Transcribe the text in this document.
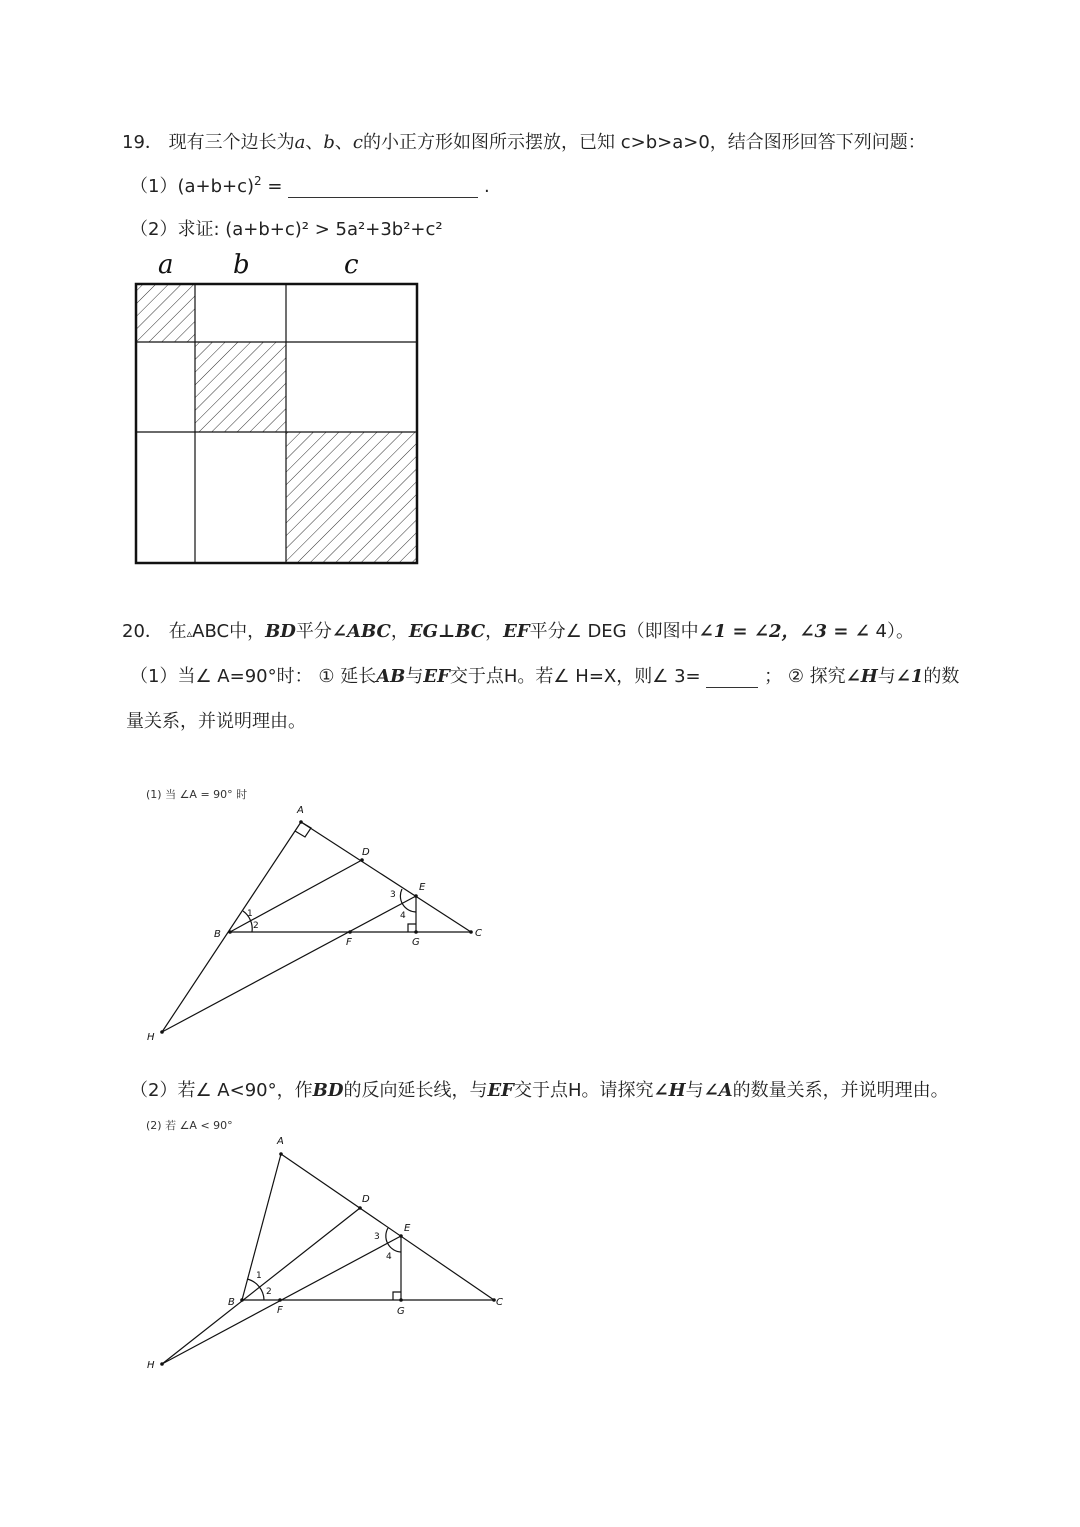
19． 现有三个边长为a、b、c的小正方形如图所示摆放，已知 c>b>a>0，结合图形回答下列问题：
$(1)(a+b+c)^2$ =	.
（2）求证: (a+b+c)² > 5a²+3b²+c²
a b	c
20． 在▵ABC中，BD平分∠ABC，EG⊥BC，EF平分∠ DEG（即图中∠1 = ∠2，∠3 = ∠ 4）。
（1）当∠ A=90°时： ① 延长AB与EF交于点H。若∠ H=X，则∠ 3=	； ② 探究∠H与∠1的数
量关系，并说明理由。
(1) 当 ∠A = 90° 时
A
B	C
D
E
F	G
H
1
2
3
4
（2）若∠ A<90°，作BD的反向延长线，与EF交于点H。请探究∠H与∠A的数量关系，并说明理由。
(2) 若 ∠A < 90°
A
B	C
D
E
F	G
H
1
2
3
4
